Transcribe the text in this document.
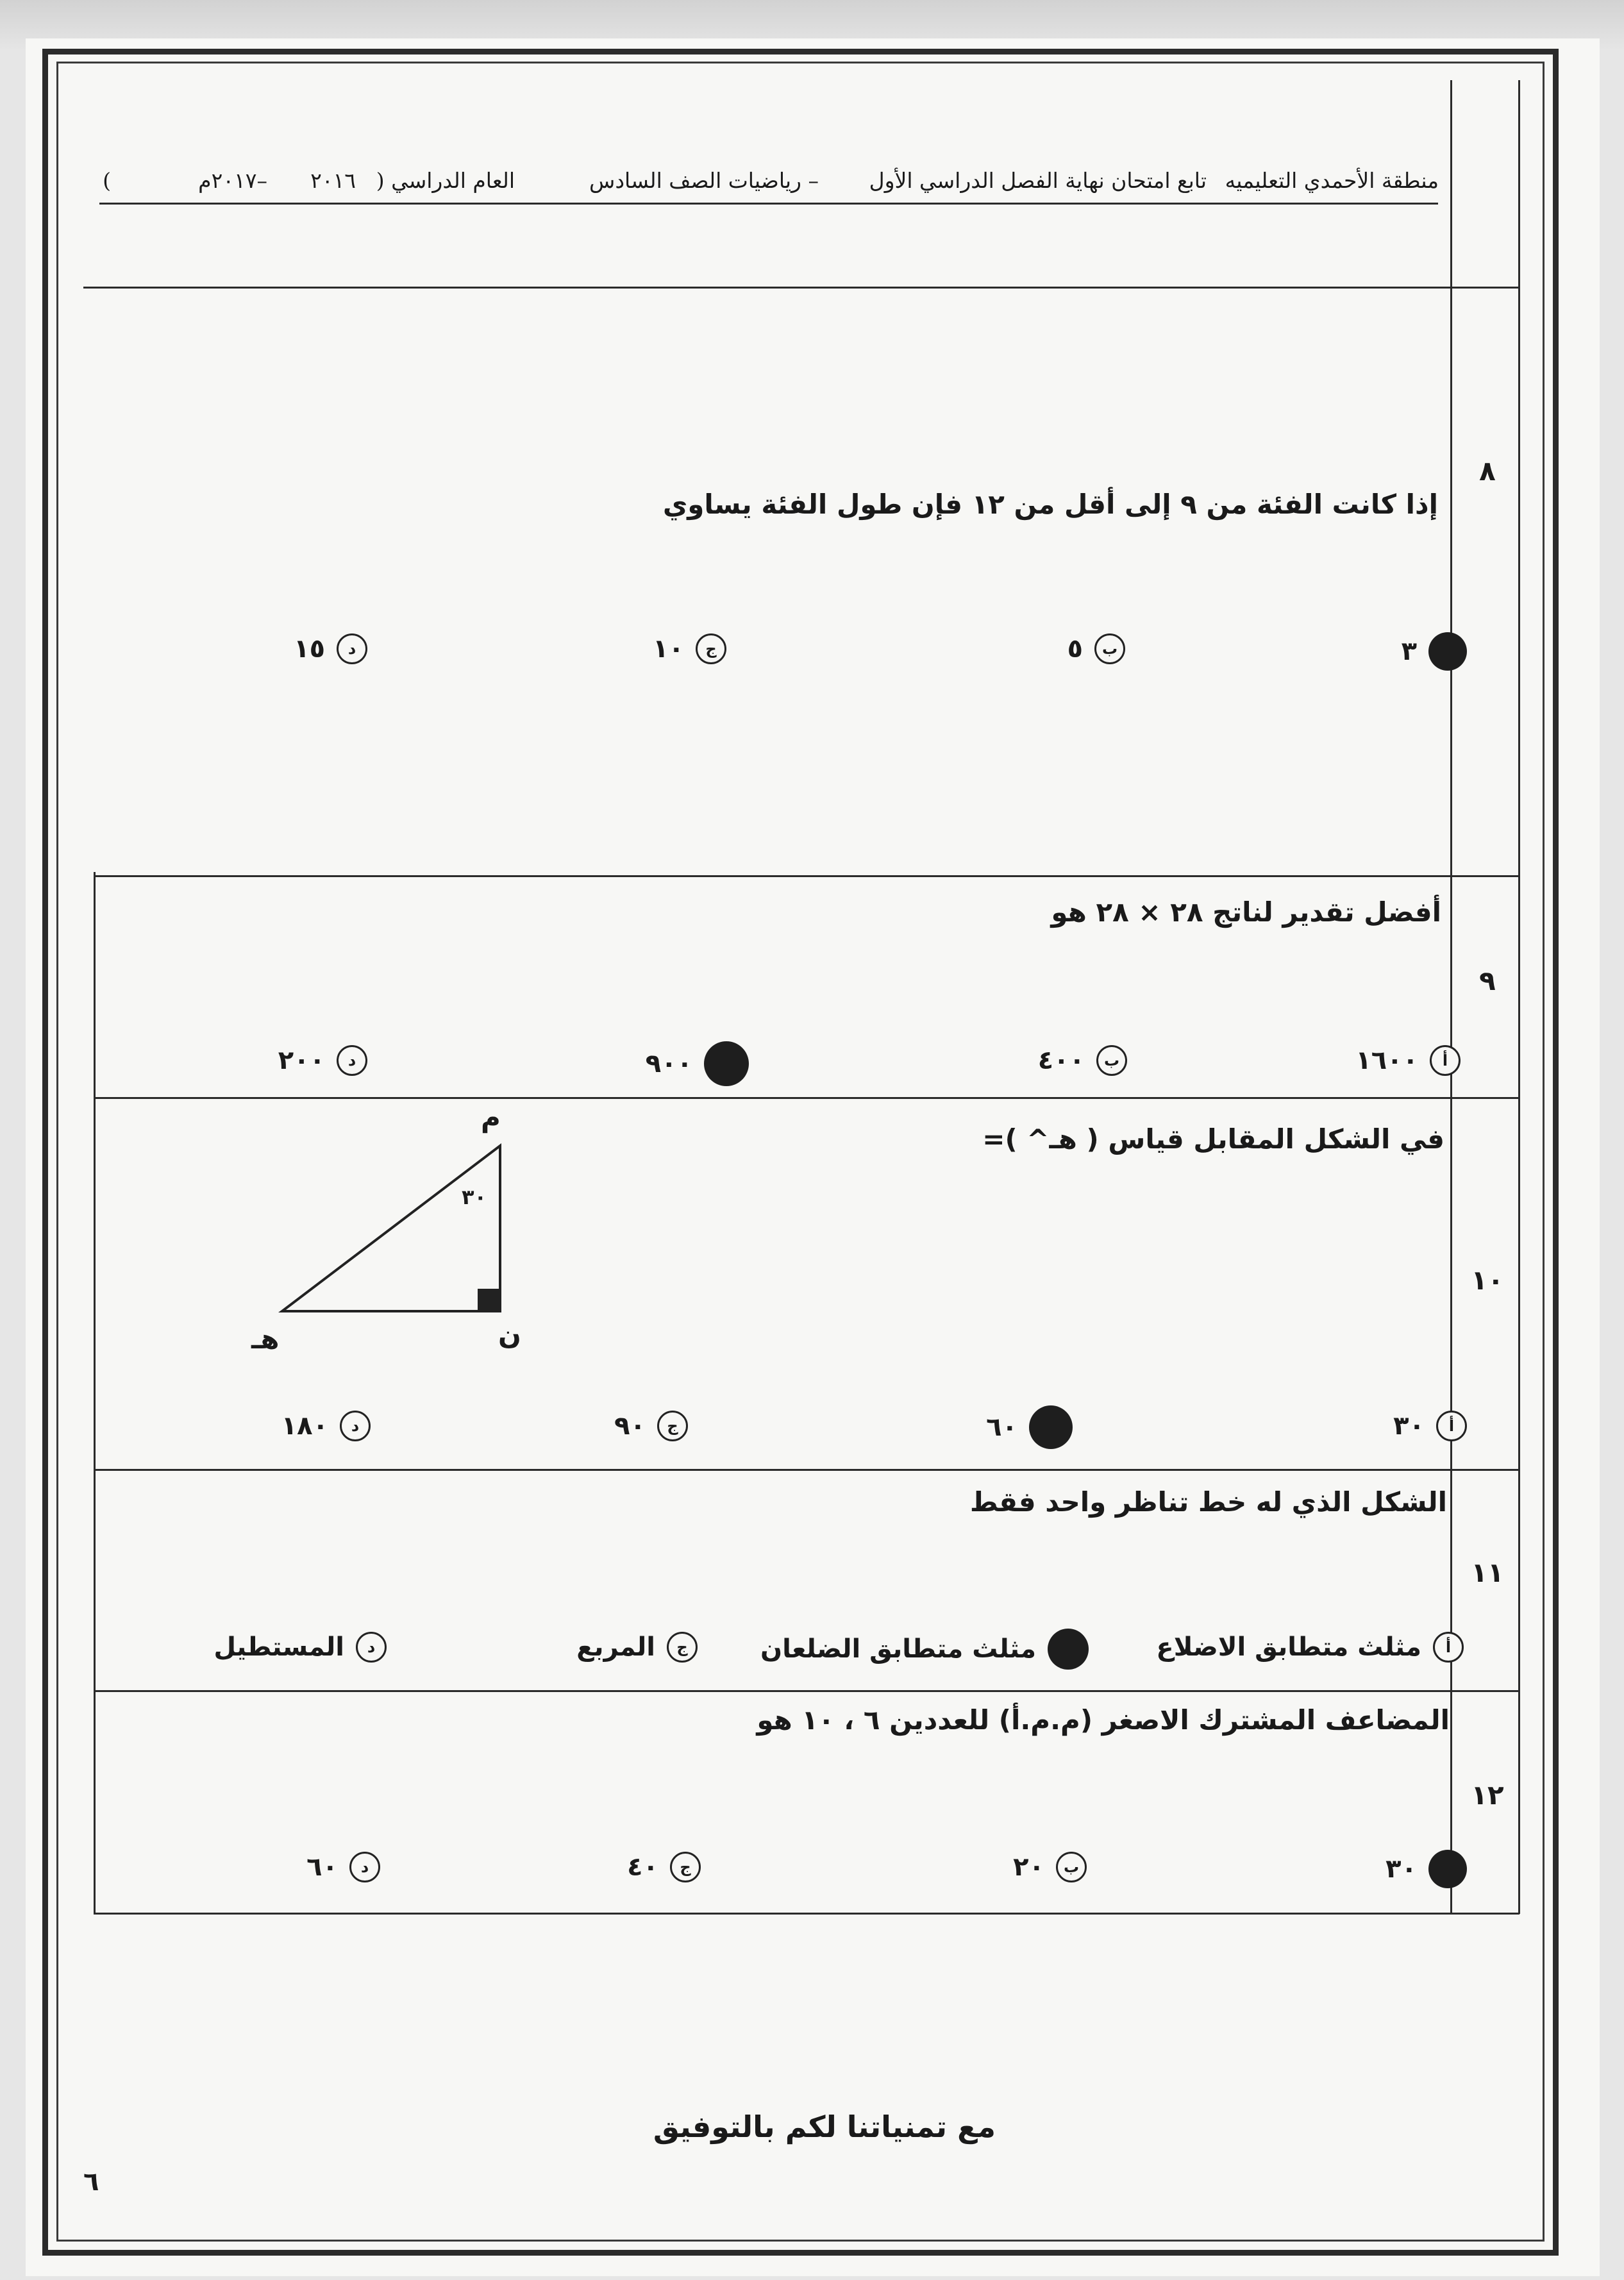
منطقة الأحمدي التعليميه
تابع امتحان نهاية الفصل الدراسي الأول
– رياضيات الصف السادس
العام الدراسي (
٢٠١٦
–٢٠١٧م
)
٨
إذا كانت الفئة من ٩ إلى أقل من ١٢ فإن طول الفئة يساوي
٣
ب
٥
ج
١٠
د
١٥
٩
أفضل تقدير لناتج ٢٨ × ٢٨ هو
أ
١٦٠٠
ب
٤٠٠
٩٠٠
د
٢٠٠
١٠
في الشكل المقابل قياس ( هـ^ )=
م
٣٠
ن
هـ
أ
٣٠
٦٠
ج
٩٠
د
١٨٠
١١
الشكل الذي له خط تناظر واحد فقط
أ
مثلث متطابق الاضلاع
مثلث متطابق الضلعان
ج
المربع
د
المستطيل
١٢
المضاعف المشترك الاصغر (م.م.أ) للعددين ٦ ، ١٠ هو
٣٠
ب
٢٠
ج
٤٠
د
٦٠
مع تمنياتنا لكم بالتوفيق
٦
